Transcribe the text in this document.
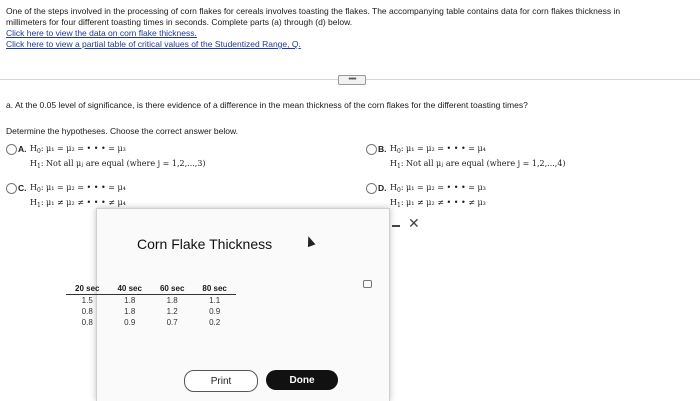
One of the steps involved in the processing of corn flakes for cereals involves toasting the flakes. The accompanying table contains data for corn flakes thickness in

millimeters for four different toasting times in seconds. Complete parts (a) through (d) below.

Click here to view the data on corn flake thickness.
Click here to view a partial table of critical values of the Studentized Range, Q.
•••••
a. At the 0.05 level of significance, is there evidence of a difference in the mean thickness of the corn flakes for the different toasting times?
Determine the hypotheses. Choose the correct answer below.
A. $H_0$: μ₁ = μ₂ = • • • = μ₃
$H_1$: Not all μⱼ are equal (where j = 1,2,...,3)
B. $H_0$: μ₁ = μ₂ = • • • = μ₄
$H_1$: Not all μⱼ are equal (where j = 1,2,...,4)
C. $H_0$: μ₁ = μ₂ = • • • = μ₄
$H_1$: μ₁ ≠ μ₂ ≠ • • • ≠ μ₄
D. $H_0$: μ₁ = μ₂ = • • • = μ₃
$H_1$: μ₁ ≠ μ₂ ≠ • • • ≠ μ₃
Corn Flake Thickness
✕
20 sec	40 sec	60 sec	80 sec
1.5	1.8	1.8	1.1
0.8	1.8	1.2	0.9
0.8	0.9	0.7	0.2
Print	Done
